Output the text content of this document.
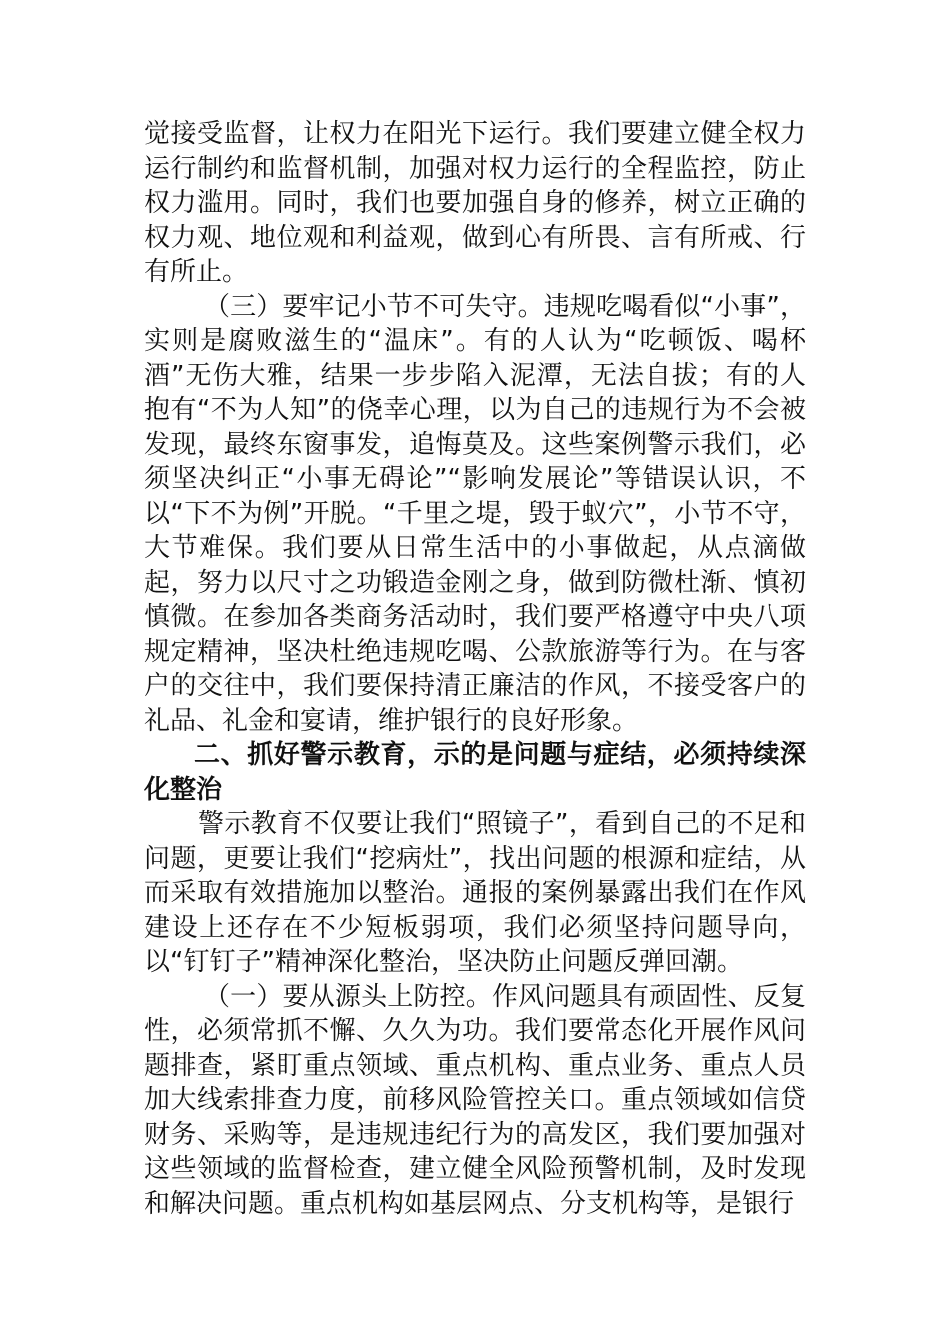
觉接受监督，让权力在阳光下运行。我们要建立健全权力运行制约和监督机制，加强对权力运行的全程监控，防止权力滥用。同时，我们也要加强自身的修养，树立正确的权力观、地位观和利益观，做到心有所畏、言有所戒、行有所止。

（三）要牢记小节不可失守。违规吃喝看似“小事”，实则是腐败滋生的“温床”。有的人认为“吃顿饭、喝杯酒”无伤大雅，结果一步步陷入泥潭，无法自拔；有的人抱有“不为人知”的侥幸心理，以为自己的违规行为不会被发现，最终东窗事发，追悔莫及。这些案例警示我们，必须坚决纠正“小事无碍论”“影响发展论”等错误认识，不以“下不为例”开脱。“千里之堤，毁于蚁穴”，小节不守，大节难保。我们要从日常生活中的小事做起，从点滴做起，努力以尺寸之功锻造金刚之身，做到防微杜渐、慎初慎微。在参加各类商务活动时，我们要严格遵守中央八项规定精神，坚决杜绝违规吃喝、公款旅游等行为。在与客户的交往中，我们要保持清正廉洁的作风，不接受客户的礼品、礼金和宴请，维护银行的良好形象。

二、抓好警示教育，示的是问题与症结，必须持续深化整治

警示教育不仅要让我们“照镜子”，看到自己的不足和问题，更要让我们“挖病灶”，找出问题的根源和症结，从而采取有效措施加以整治。通报的案例暴露出我们在作风建设上还存在不少短板弱项，我们必须坚持问题导向，以“钉钉子”精神深化整治，坚决防止问题反弹回潮。

（一）要从源头上防控。作风问题具有顽固性、反复性，必须常抓不懈、久久为功。我们要常态化开展作风问题排查，紧盯重点领域、重点机构、重点业务、重点人员加大线索排查力度，前移风险管控关口。重点领域如信贷财务、采购等，是违规违纪行为的高发区，我们要加强对这些领域的监督检查，建立健全风险预警机制，及时发现和解决问题。重点机构如基层网点、分支机构等，是银行
